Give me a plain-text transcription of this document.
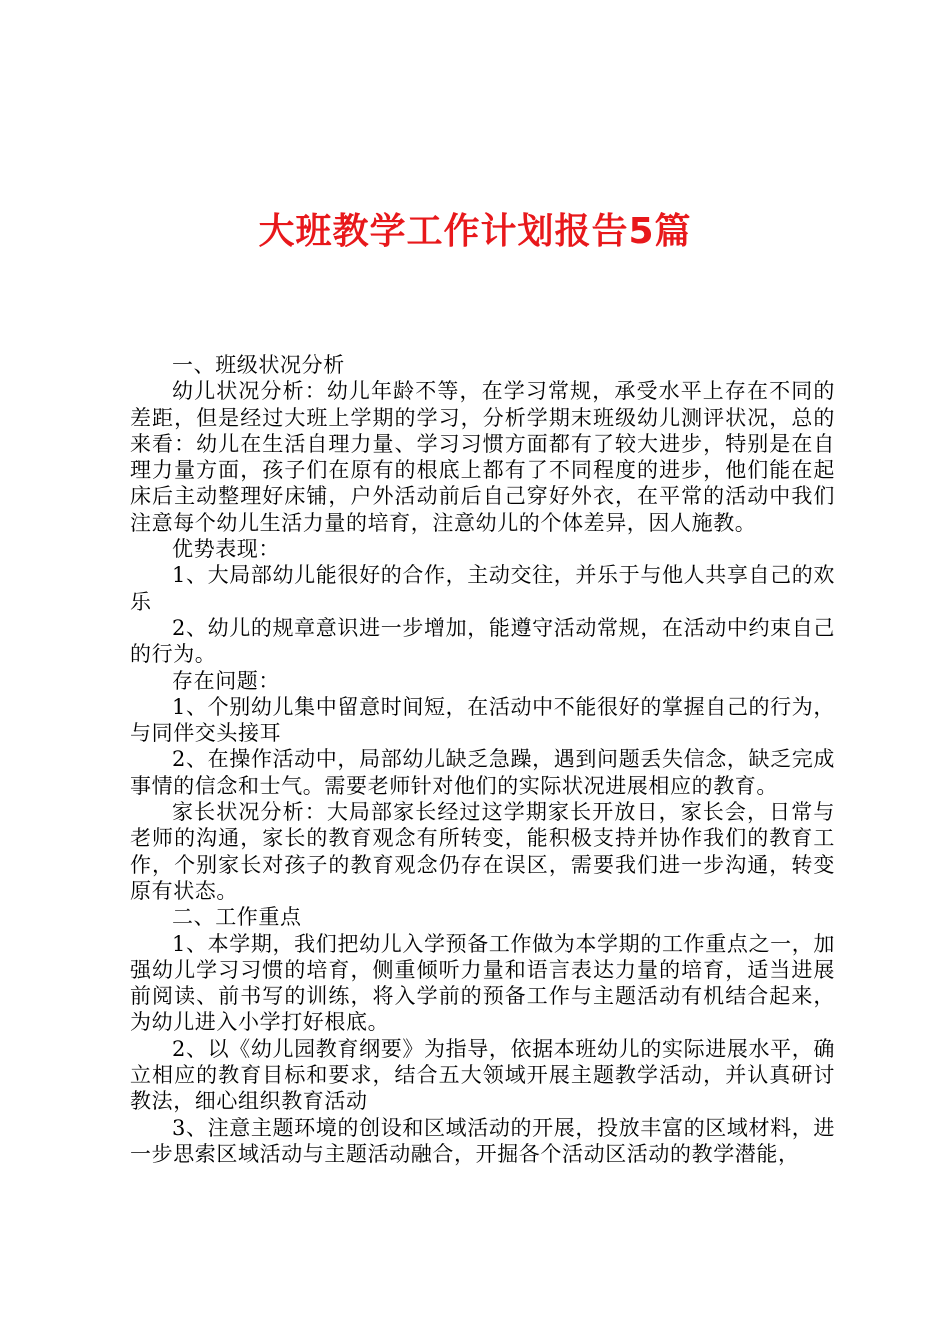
大班教学工作计划报告5篇

一、班级状况分析

幼儿状况分析：幼儿年龄不等，在学习常规，承受水平上存在不同的差距，但是经过大班上学期的学习，分析学期末班级幼儿测评状况，总的来看：幼儿在生活自理力量、学习习惯方面都有了较大进步，特别是在自理力量方面，孩子们在原有的根底上都有了不同程度的进步，他们能在起床后主动整理好床铺，户外活动前后自己穿好外衣，在平常的活动中我们注意每个幼儿生活力量的培育，注意幼儿的个体差异，因人施教。

优势表现：

1、大局部幼儿能很好的合作，主动交往，并乐于与他人共享自己的欢乐

2、幼儿的规章意识进一步增加，能遵守活动常规，在活动中约束自己的行为。

存在问题：

1、个别幼儿集中留意时间短，在活动中不能很好的掌握自己的行为，与同伴交头接耳

2、在操作活动中，局部幼儿缺乏急躁，遇到问题丢失信念，缺乏完成事情的信念和士气。需要老师针对他们的实际状况进展相应的教育。

家长状况分析：大局部家长经过这学期家长开放日，家长会，日常与老师的沟通，家长的教育观念有所转变，能积极支持并协作我们的教育工作，个别家长对孩子的教育观念仍存在误区，需要我们进一步沟通，转变原有状态。

二、工作重点

1、本学期，我们把幼儿入学预备工作做为本学期的工作重点之一，加强幼儿学习习惯的培育，侧重倾听力量和语言表达力量的培育，适当进展前阅读、前书写的训练，将入学前的预备工作与主题活动有机结合起来，为幼儿进入小学打好根底。

2、以《幼儿园教育纲要》为指导，依据本班幼儿的实际进展水平，确立相应的教育目标和要求，结合五大领域开展主题教学活动，并认真研讨教法，细心组织教育活动

3、注意主题环境的创设和区域活动的开展，投放丰富的区域材料，进一步思索区域活动与主题活动融合，开掘各个活动区活动的教学潜能，
